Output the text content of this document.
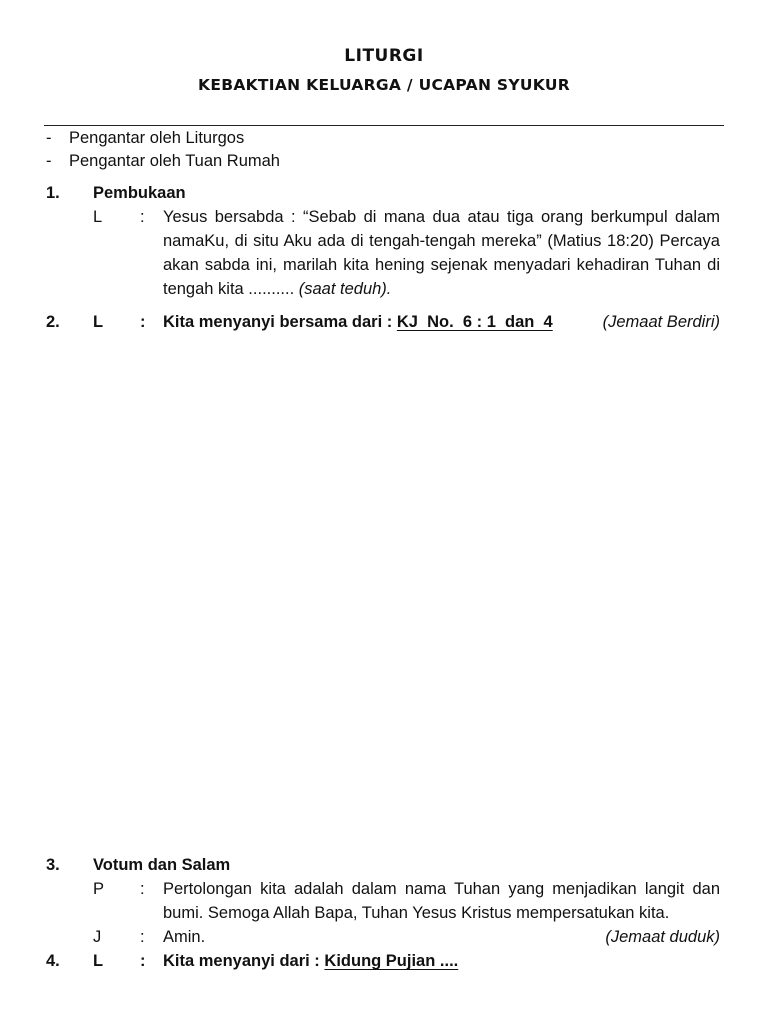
LITURGI
KEBAKTIAN KELUARGA / UCAPAN SYUKUR
- Pengantar oleh Liturgos
- Pengantar oleh Tuan Rumah
1. Pembukaan
L : Yesus bersabda : “Sebab di mana dua atau tiga orang berkumpul dalam namaKu, di situ Aku ada di tengah-tengah mereka” (Matius 18:20) Percaya akan sabda ini, marilah kita hening sejenak menyadari kehadiran Tuhan di tengah kita .......... (saat teduh).
2. L : Kita menyanyi bersama dari : KJ  No.  6 : 1  dan  4	(Jemaat Berdiri)
3. Votum dan Salam
P : Pertolongan kita adalah dalam nama Tuhan yang menjadikan langit dan bumi. Semoga Allah Bapa, Tuhan Yesus Kristus mempersatukan kita.
J : Amin.	(Jemaat duduk)
4. L : Kita menyanyi dari : Kidung Pujian ....
